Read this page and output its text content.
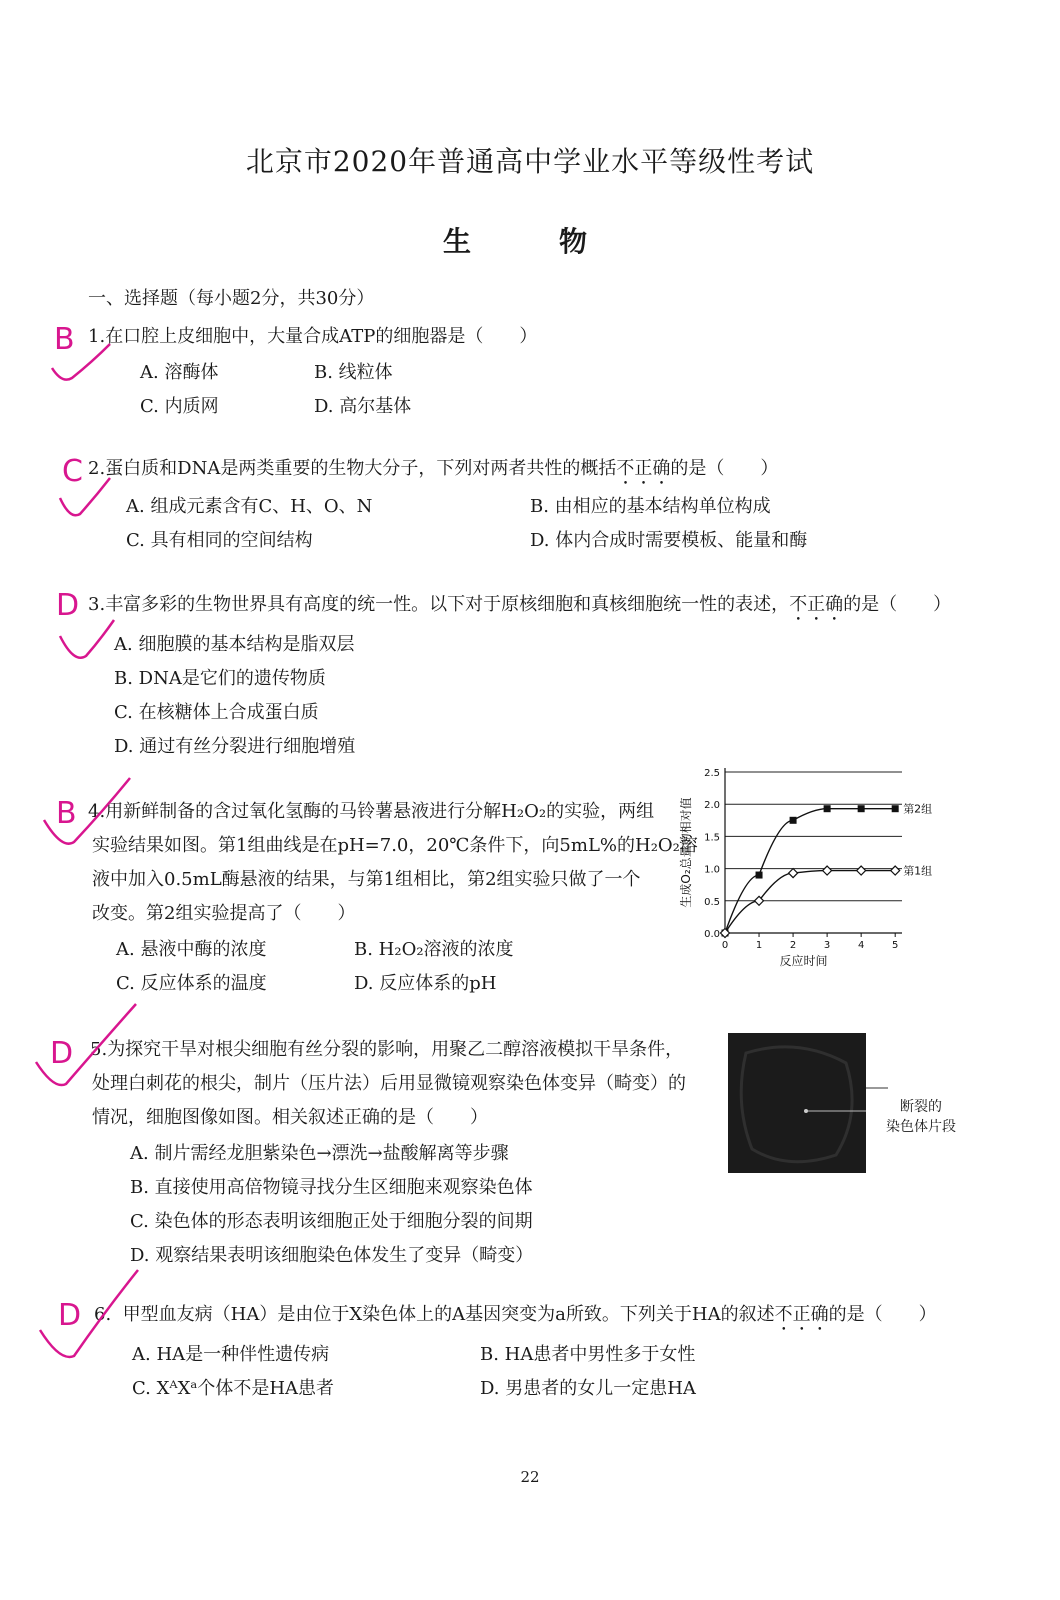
北京市2020年普通高中学业水平等级性考试
生　物
一、选择题（每小题2分，共30分）
B 1.在口腔上皮细胞中，大量合成ATP的细胞器是（　　）
A. 溶酶体	B. 线粒体
C. 内质网	D. 高尔基体
C 2.蛋白质和DNA是两类重要的生物大分子，下列对两者共性的概括不正确的是（　　）
A. 组成元素含有C、H、O、N	B. 由相应的基本结构单位构成
C. 具有相同的空间结构	D. 体内合成时需要模板、能量和酶
D 3.丰富多彩的生物世界具有高度的统一性。以下对于原核细胞和真核细胞统一性的表述，不正确的是（　　）
A. 细胞膜的基本结构是脂双层
B. DNA是它们的遗传物质
C. 在核糖体上合成蛋白质
D. 通过有丝分裂进行细胞增殖
B 4.用新鲜制备的含过氧化氢酶的马铃薯悬液进行分解H₂O₂的实验，两组
实验结果如图。第1组曲线是在pH=7.0，20℃条件下，向5mL%的H₂O₂溶
液中加入0.5mL酶悬液的结果，与第1组相比，第2组实验只做了一个
改变。第2组实验提高了（　　）
A. 悬液中酶的浓度	B. H₂O₂溶液的浓度
C. 反应体系的温度	D. 反应体系的pH
0.0
0.5
1.0
1.5
2.0
2.5
0	1	2	3	4	5
反应时间
生成O₂总量的相对值	第2组
第1组
D 5.为探究干旱对根尖细胞有丝分裂的影响，用聚乙二醇溶液模拟干旱条件，
处理白刺花的根尖，制片（压片法）后用显微镜观察染色体变异（畸变）的
情况，细胞图像如图。相关叙述正确的是（　　）
A. 制片需经龙胆紫染色→漂洗→盐酸解离等步骤
B. 直接使用高倍物镜寻找分生区细胞来观察染色体
C. 染色体的形态表明该细胞正处于细胞分裂的间期
D. 观察结果表明该细胞染色体发生了变异（畸变）
断裂的
染色体片段
D 6. 甲型血友病（HA）是由位于X染色体上的A基因突变为a所致。下列关于HA的叙述不正确的是（　　）
A. HA是一种伴性遗传病	B. HA患者中男性多于女性
C. XᴬXᵃ个体不是HA患者	D. 男患者的女儿一定患HA
22
